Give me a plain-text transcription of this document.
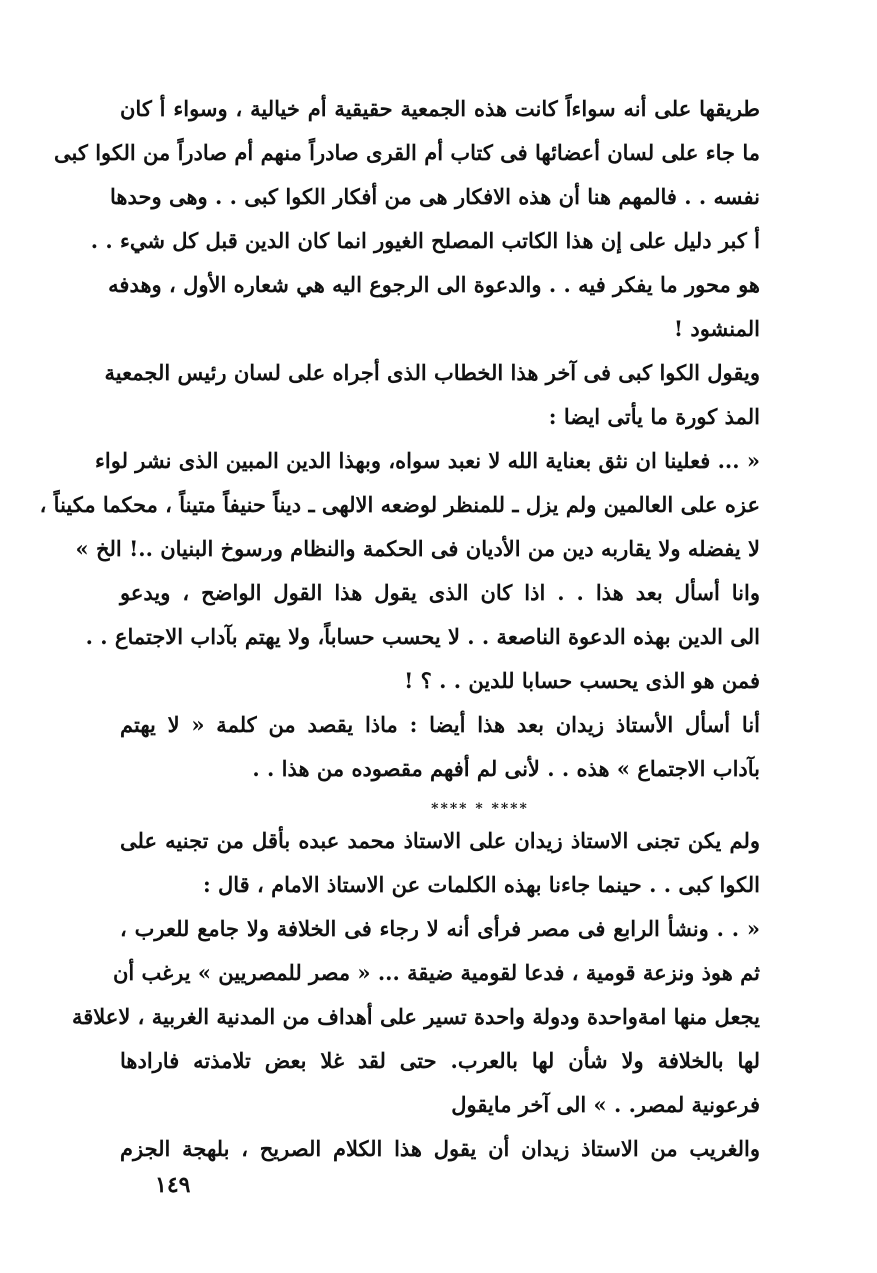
طريقها على أنه سواءاً كانت هذه الجمعية حقيقية أم خيالية ، وسواء أ كان
ما جاء على لسان أعضائها فى كتاب أم القرى صادراً منهم أم صادراً من الكوا كبى
نفسه . . فالمهم هنا أن هذه الافكار هى من أفكار الكوا كبى . . وهى وحدها
أ كبر دليل على إن هذا الكاتب المصلح الغيور انما كان الدين قبل كل شيء . .
هو محور ما يفكر فيه . . والدعوة الى الرجوع اليه هي شعاره الأول ، وهدفه
المنشود !
ويقول الكوا كبى فى آخر هذا الخطاب الذى أجراه على لسان رئيس الجمعية
المذ كورة ما يأتى ايضا :
« ... فعلينا ان نثق بعناية الله لا نعبد سواه، وبهذا الدين المبين الذى نشر لواء
عزه على العالمين ولم يزل ـ للمنظر لوضعه الالهى ـ ديناً حنيفاً متيناً ، محكما مكيناً ،
لا يفضله ولا يقاربه دين من الأديان فى الحكمة والنظام ورسوخ البنيان ..! الخ »
وانا أسأل بعد هذا . . اذا كان الذى يقول هذا القول الواضح ، ويدعو
الى الدين بهذه الدعوة الناصعة . . لا يحسب حساباً، ولا يهتم بآداب الاجتماع . .
فمن هو الذى يحسب حسابا للدين . . ؟ !
أنا أسأل الأستاذ زيدان بعد هذا أيضا : ماذا يقصد من كلمة « لا يهتم
بآداب الاجتماع » هذه . . لأنى لم أفهم مقصوده من هذا . .
**** * ****
ولم يكن تجنى الاستاذ زيدان على الاستاذ محمد عبده بأقل من تجنيه على
الكوا كبى . . حينما جاءنا بهذه الكلمات عن الاستاذ الامام ، قال :
« . . ونشأ الرابع فى مصر فرأى أنه لا رجاء فى الخلافة ولا جامع للعرب ،
ثم هوذ ونزعة قومية ، فدعا لقومية ضيقة ... « مصر للمصريين » يرغب أن
يجعل منها امةواحدة ودولة واحدة تسير على أهداف من المدنية الغربية ، لاعلاقة
لها بالخلافة ولا شأن لها بالعرب. حتى لقد غلا بعض تلامذته فارادها
فرعونية لمصر. . » الى آخر مايقول
والغريب من الاستاذ زيدان أن يقول هذا الكلام الصريح ، بلهجة الجزم
١٤٩
